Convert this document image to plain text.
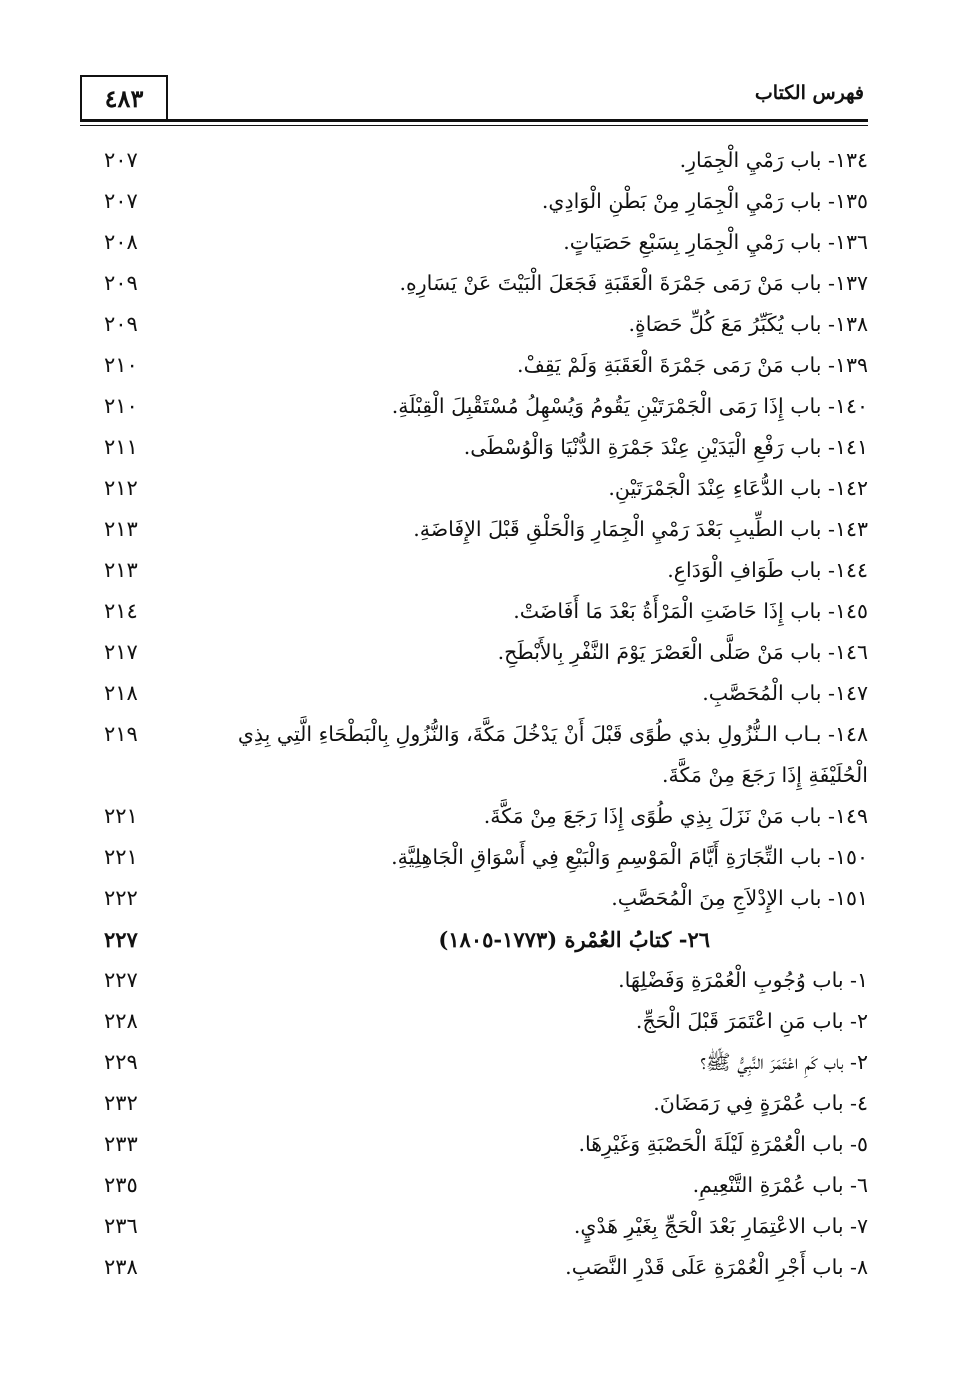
فهرس الكتاب
٤٨٣
١٣٤- باب رَمْيِ الْجِمَارِ.
٢٠٧
١٣٥- باب رَمْيِ الْجِمَارِ مِنْ بَطْنِ الْوَادِي.
٢٠٧
١٣٦- باب رَمْيِ الْجِمَارِ بِسَبْعِ حَصَيَاتٍ.
٢٠٨
١٣٧- باب مَنْ رَمَى جَمْرَةَ الْعَقَبَةِ فَجَعَلَ الْبَيْتَ عَنْ يَسَارِهِ.
٢٠٩
١٣٨- باب يُكَبِّرُ مَعَ كُلِّ حَصَاةٍ.
٢٠٩
١٣٩- باب مَنْ رَمَى جَمْرَةَ الْعَقَبَةِ وَلَمْ يَقِفْ.
٢١٠
١٤٠- باب إِذَا رَمَى الْجَمْرَتَيْنِ يَقُومُ وَيُسْهِلُ مُسْتَقْبِلَ الْقِبْلَةِ.
٢١٠
١٤١- باب رَفْعِ الْيَدَيْنِ عِنْدَ جَمْرَةِ الدُّنْيَا وَالْوُسْطَى.
٢١١
١٤٢- باب الدُّعَاءِ عِنْدَ الْجَمْرَتَيْنِ.
٢١٢
١٤٣- باب الطِّيبِ بَعْدَ رَمْيِ الْجِمَارِ وَالْحَلْقِ قَبْلَ الإِفَاضَةِ.
٢١٣
١٤٤- باب طَوَافِ الْوَدَاعِ.
٢١٣
١٤٥- باب إِذَا حَاضَتِ الْمَرْأَةُ بَعْدَ مَا أَفَاضَتْ.
٢١٤
١٤٦- باب مَنْ صَلَّى الْعَصْرَ يَوْمَ النَّفْرِ بِالأَبْطَحِ.
٢١٧
١٤٧- باب الْمُحَصَّبِ.
٢١٨
١٤٨- بـاب الـنُّزُولِ بذي طُوًى قَبْلَ أَنْ يَدْخُلَ مَكَّةَ، وَالنُّزُولِ بِالْبَطْحَاءِ الَّتِي بِذِي الْحُلَيْفَةِ إِذَا رَجَعَ مِنْ مَكَّةَ.
٢١٩
١٤٩- باب مَنْ نَزَلَ بِذِي طُوًى إِذَا رَجَعَ مِنْ مَكَّةَ.
٢٢١
١٥٠- باب التِّجَارَةِ أَيَّامَ الْمَوْسِمِ وَالْبَيْعِ فِي أَسْوَاقِ الْجَاهِلِيَّةِ.
٢٢١
١٥١- باب الإِدْلاَجِ مِنَ الْمُحَصَّبِ.
٢٢٢
٢٦- كتابُ العُمْرة (١٧٧٣-١٨٠٥)
٢٢٧
١- باب وُجُوبِ الْعُمْرَةِ وَفَضْلِهَا.
٢٢٧
٢- باب مَنِ اعْتَمَرَ قَبْلَ الْحَجِّ.
٢٢٨
٢- باب كَمِ اعْتَمَرَ النَّبِيُّ ﷺ؟
٢٢٩
٤- باب عُمْرَةٍ فِي رَمَضَانَ.
٢٣٢
٥- باب الْعُمْرَةِ لَيْلَةَ الْحَصْبَةِ وَغَيْرِهَا.
٢٣٣
٦- باب عُمْرَةِ التَّنْعِيمِ.
٢٣٥
٧- باب الاعْتِمَارِ بَعْدَ الْحَجِّ بِغَيْرِ هَدْيٍ.
٢٣٦
٨- باب أَجْرِ الْعُمْرَةِ عَلَى قَدْرِ النَّصَبِ.
٢٣٨
